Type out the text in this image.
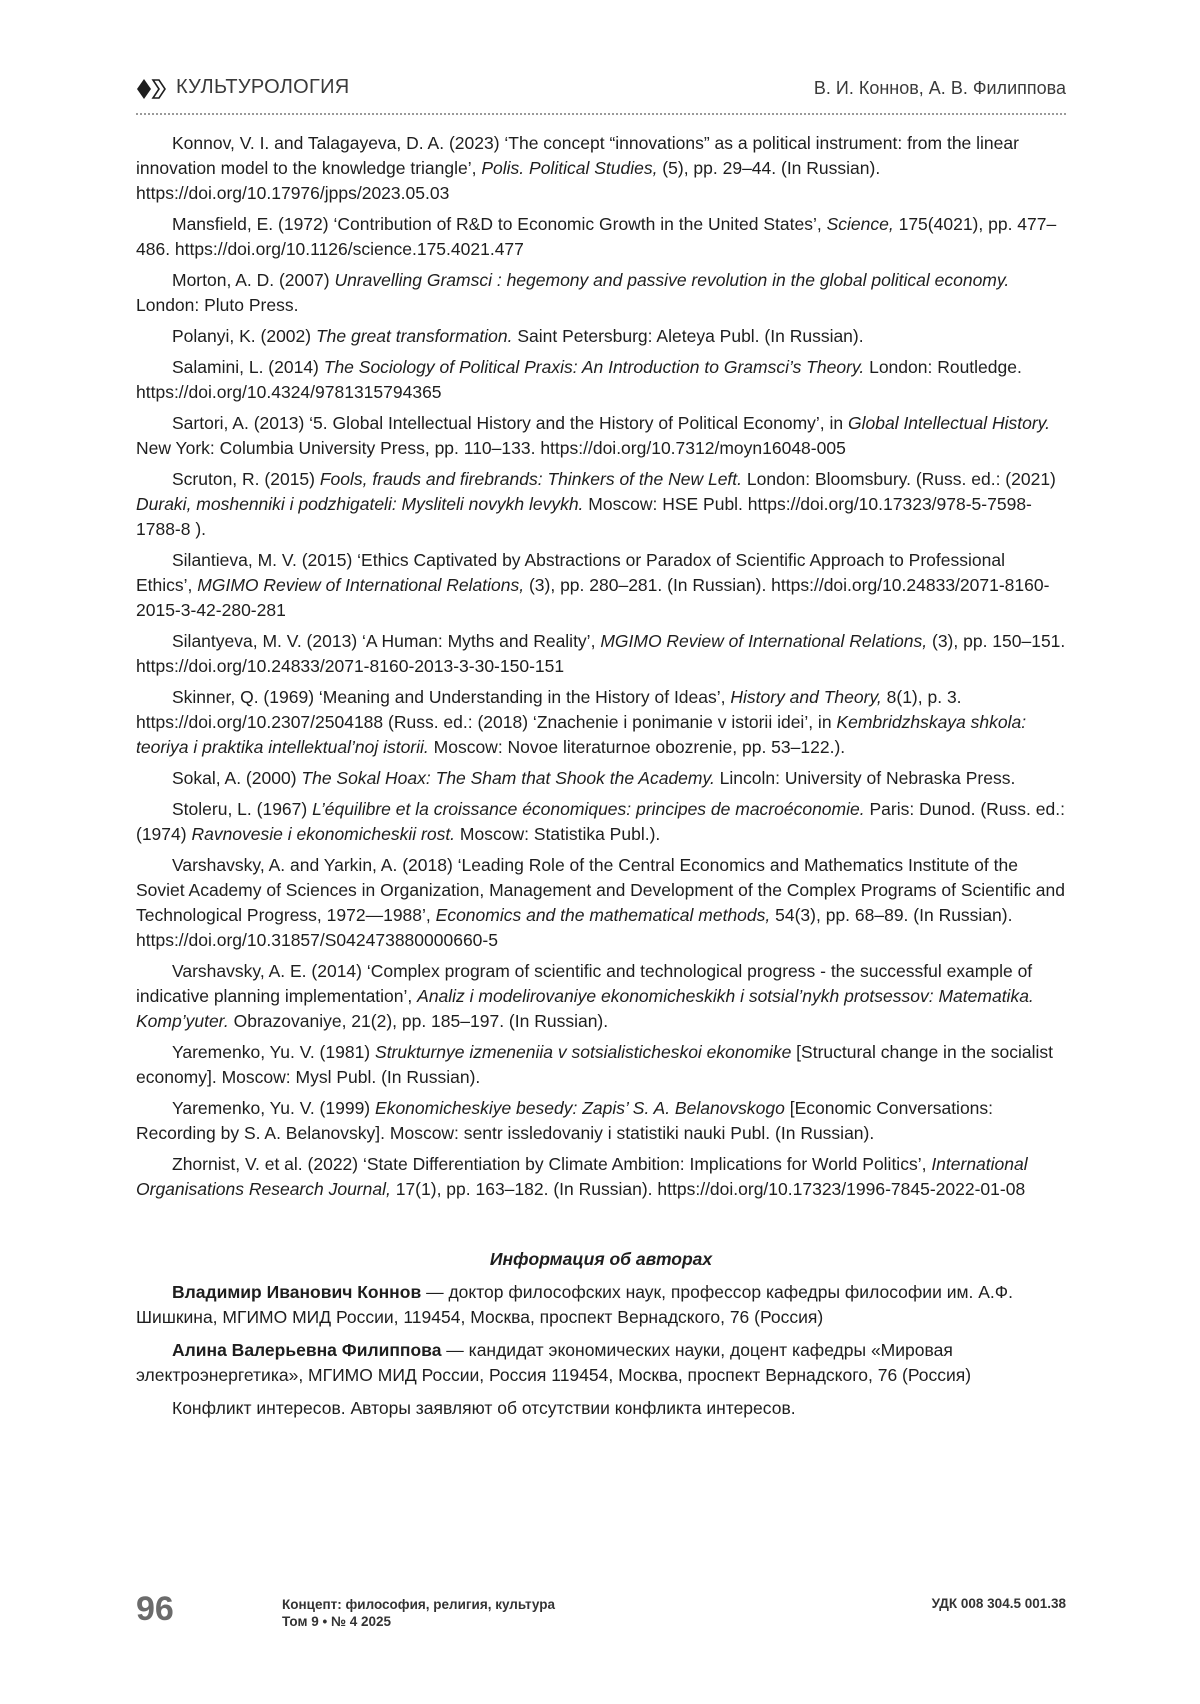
КУЛЬТУРОЛОГИЯ	В. И. Коннов, А. В. Филиппова

Konnov, V. I. and Talagayeva, D. A. (2023) ‘The concept “innovations” as a political instrument: from the linear innovation model to the knowledge triangle’, Polis. Political Studies, (5), pp. 29–44. (In Russian). https://doi.org/10.17976/jpps/2023.05.03

Mansfield, E. (1972) ‘Contribution of R&D to Economic Growth in the United States’, Science, 175(4021), pp. 477–486. https://doi.org/10.1126/science.175.4021.477

Morton, A. D. (2007) Unravelling Gramsci : hegemony and passive revolution in the global political economy. London: Pluto Press.

Polanyi, K. (2002) The great transformation. Saint Petersburg: Aleteya Publ. (In Russian).

Salamini, L. (2014) The Sociology of Political Praxis: An Introduction to Gramsci’s Theory. London: Routledge. https://doi.org/10.4324/9781315794365

Sartori, A. (2013) ‘5. Global Intellectual History and the History of Political Economy’, in Global Intellectual History. New York: Columbia University Press, pp. 110–133. https://doi.org/10.7312/moyn16048-005

Scruton, R. (2015) Fools, frauds and firebrands: Thinkers of the New Left. London: Bloomsbury. (Russ. ed.: (2021) Duraki, moshenniki i podzhigateli: Mysliteli novykh levykh. Moscow: HSE Publ. https://doi.org/10.17323/978-5-7598-1788-8 ).

Silantieva, M. V. (2015) ‘Ethics Captivated by Abstractions or Paradox of Scientific Approach to Professional Ethics’, MGIMO Review of International Relations, (3), pp. 280–281. (In Russian). https://doi.org/10.24833/2071-8160-2015-3-42-280-281

Silantyeva, M. V. (2013) ‘A Human: Myths and Reality’, MGIMO Review of International Relations, (3), pp. 150–151. https://doi.org/10.24833/2071-8160-2013-3-30-150-151

Skinner, Q. (1969) ‘Meaning and Understanding in the History of Ideas’, History and Theory, 8(1), p. 3. https://doi.org/10.2307/2504188 (Russ. ed.: (2018) ‘Znachenie i ponimanie v istorii idei’, in Kembridzhskaya shkola: teoriya i praktika intellektual’noj istorii. Moscow: Novoe literaturnoe obozrenie, pp. 53–122.).

Sokal, A. (2000) The Sokal Hoax: The Sham that Shook the Academy. Lincoln: University of Nebraska Press.

Stoleru, L. (1967) L’équilibre et la croissance économiques: principes de macroéconomie. Paris: Dunod. (Russ. ed.: (1974) Ravnovesie i ekonomicheskii rost. Moscow: Statistika Publ.).

Varshavsky, A. and Yarkin, A. (2018) ‘Leading Role of the Central Economics and Mathematics Institute of the Soviet Academy of Sciences in Organization, Management and Development of the Complex Programs of Scientific and Technological Progress, 1972—1988’, Economics and the mathematical methods, 54(3), pp. 68–89. (In Russian). https://doi.org/10.31857/S042473880000660-5

Varshavsky, A. E. (2014) ‘Complex program of scientific and technological progress - the successful example of indicative planning implementation’, Analiz i modelirovaniye ekonomicheskikh i sotsial’nykh protsessov: Matematika. Komp’yuter. Obrazovaniye, 21(2), pp. 185–197. (In Russian).

Yaremenko, Yu. V. (1981) Strukturnye izmeneniia v sotsialisticheskoi ekonomike [Structural change in the socialist economy]. Moscow: Mysl Publ. (In Russian).

Yaremenko, Yu. V. (1999) Ekonomicheskiye besedy: Zapis’ S. A. Belanovskogo [Economic Conversations: Recording by S. A. Belanovsky]. Moscow: sentr issledovaniy i statistiki nauki Publ. (In Russian).

Zhornist, V. et al. (2022) ‘State Differentiation by Climate Ambition: Implications for World Politics’, International Organisations Research Journal, 17(1), pp. 163–182. (In Russian). https://doi.org/10.17323/1996-7845-2022-01-08

Информация об авторах

Владимир Иванович Коннов — доктор философских наук, профессор кафедры философии им. А.Ф. Шишкина, МГИМО МИД России, 119454, Москва, проспект Вернадского, 76 (Россия)

Алина Валерьевна Филиппова — кандидат экономических науки, доцент кафедры «Мировая электроэнергетика», МГИМО МИД России, Россия 119454, Москва, проспект Вернадского, 76 (Россия)

Конфликт интересов. Авторы заявляют об отсутствии конфликта интересов.

96	Концепт: философия, религия, культура
Том 9 • № 4 2025
УДК 008 304.5 001.38
